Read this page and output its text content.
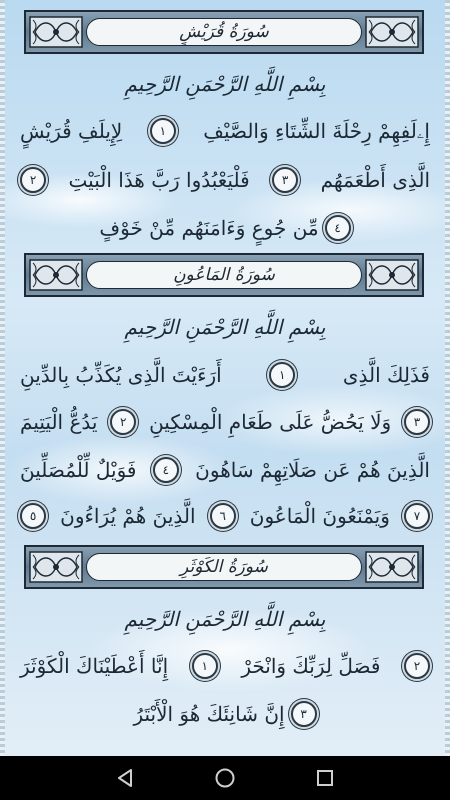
سُورَةُ قُرَيْشٍ
بِسْمِ اللَّهِ الرَّحْمَنِ الرَّحِيمِ
لِإِيلَفِ قُرَيْشٍ	١	إِۦلَفِهِمْ رِحْلَةَ الشِّتَاءِ وَالصَّيْفِ
٢	فَلْيَعْبُدُوا رَبَّ هَذَا الْبَيْتِ	٣	الَّذِى أَطْعَمَهُم
مِّن جُوعٍ وَءَامَنَهُم مِّنْ خَوْفٍ	٤
سُورَةُ المَاعُونِ
بِسْمِ اللَّهِ الرَّحْمَنِ الرَّحِيمِ
أَرَءَيْتَ الَّذِى يُكَذِّبُ بِالدِّينِ	١	فَذَلِكَ الَّذِى
يَدُعُّ الْيَتِيمَ	٢	وَلَا يَحُضُّ عَلَى طَعَامِ الْمِسْكِينِ	٣
فَوَيْلٌ لِّلْمُصَلِّينَ	٤	الَّذِينَ هُمْ عَن صَلَاتِهِمْ سَاهُونَ
٥	الَّذِينَ هُمْ يُرَاءُونَ	٦	وَيَمْنَعُونَ الْمَاعُونَ	٧
سُورَةُ الكَوْثَرِ
بِسْمِ اللَّهِ الرَّحْمَنِ الرَّحِيمِ
إِنَّا أَعْطَيْنَاكَ الْكَوْثَرَ	١	فَصَلِّ لِرَبِّكَ وَانْحَرْ	٢
إِنَّ شَانِئَكَ هُوَ الْأَبْتَرُ	٣
